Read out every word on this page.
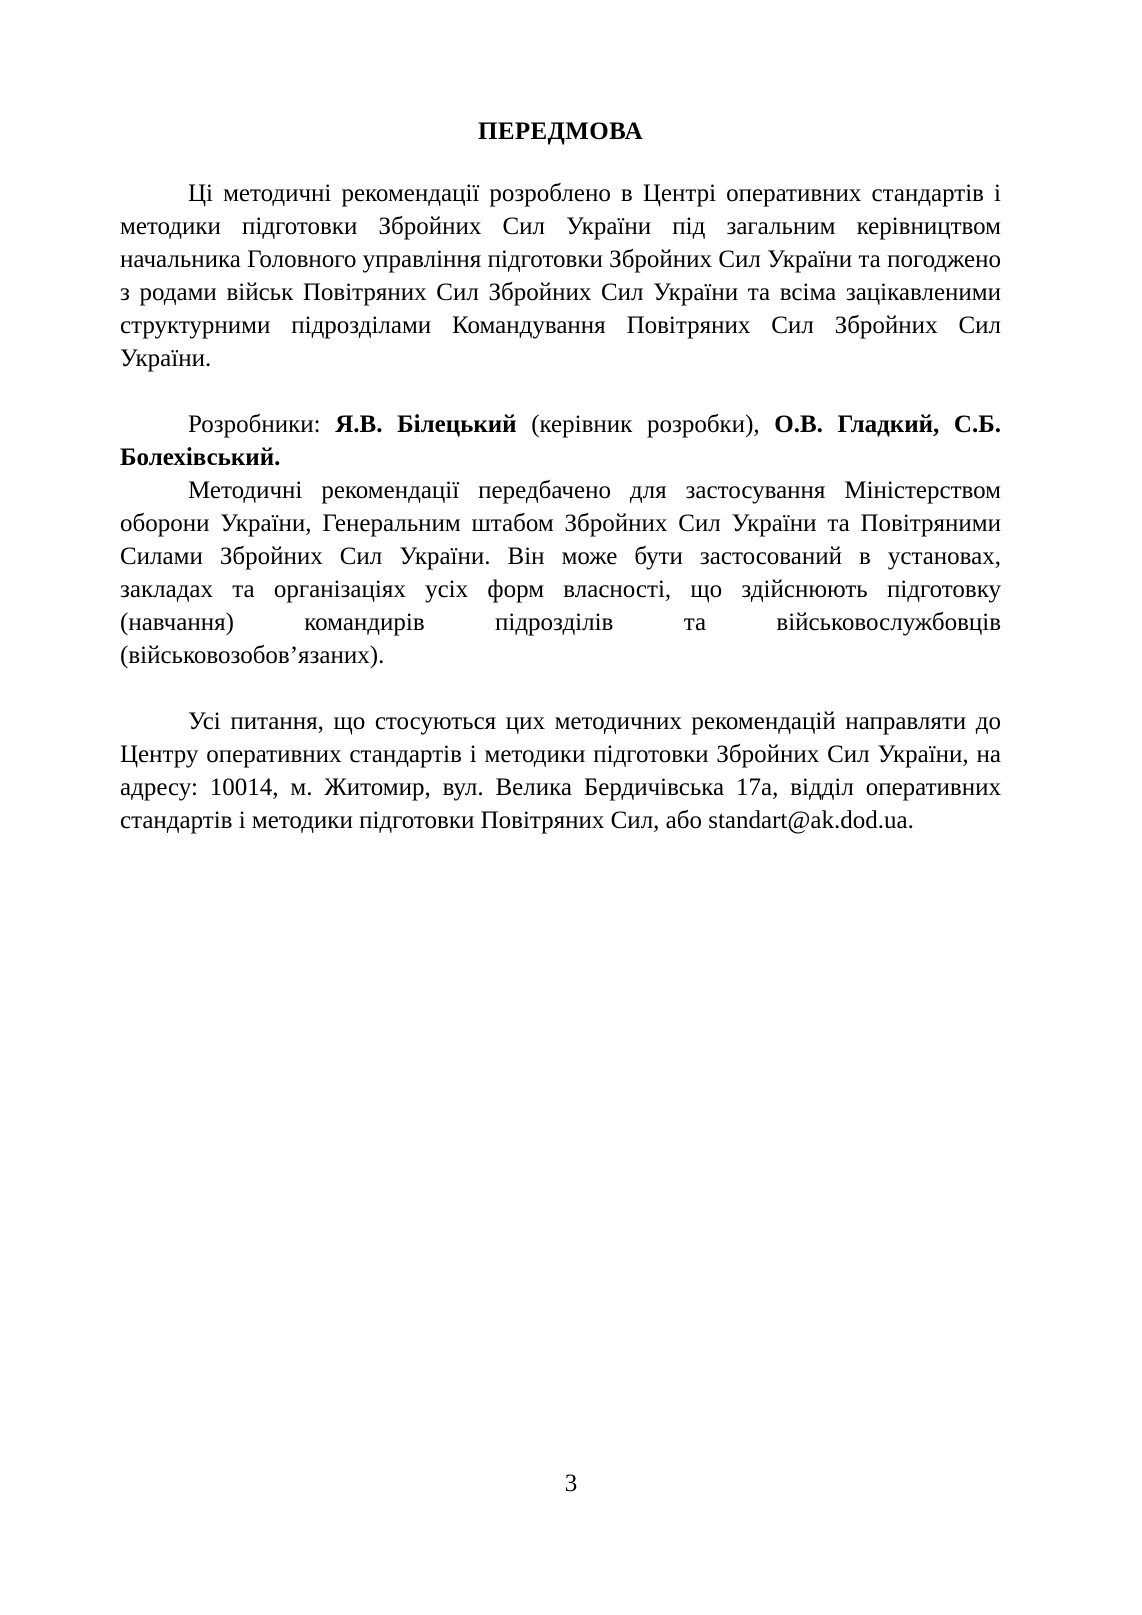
ПЕРЕДМОВА

Ці методичні рекомендації розроблено в Центрі оперативних стандартів і методики підготовки Збройних Сил України під загальним керівництвом начальника Головного управління підготовки Збройних Сил України та погоджено з родами військ Повітряних Сил Збройних Сил України та всіма зацікавленими структурними підрозділами Командування Повітряних Сил Збройних Сил України.

Розробники: Я.В. Білецький (керівник розробки), О.В. Гладкий, С.Б. Болехівський.

Методичні рекомендації передбачено для застосування Міністерством оборони України, Генеральним штабом Збройних Сил України та Повітряними Силами Збройних Сил України. Він може бути застосований в установах, закладах та організаціях усіх форм власності, що здійснюють підготовку (навчання) командирів підрозділів та військовослужбовців (військовозобов’язаних).

Усі питання, що стосуються цих методичних рекомендацій направляти до Центру оперативних стандартів і методики підготовки Збройних Сил України, на адресу: 10014, м. Житомир, вул. Велика Бердичівська 17а, відділ оперативних стандартів і методики підготовки Повітряних Сил, або standart@ak.dod.ua.

3
